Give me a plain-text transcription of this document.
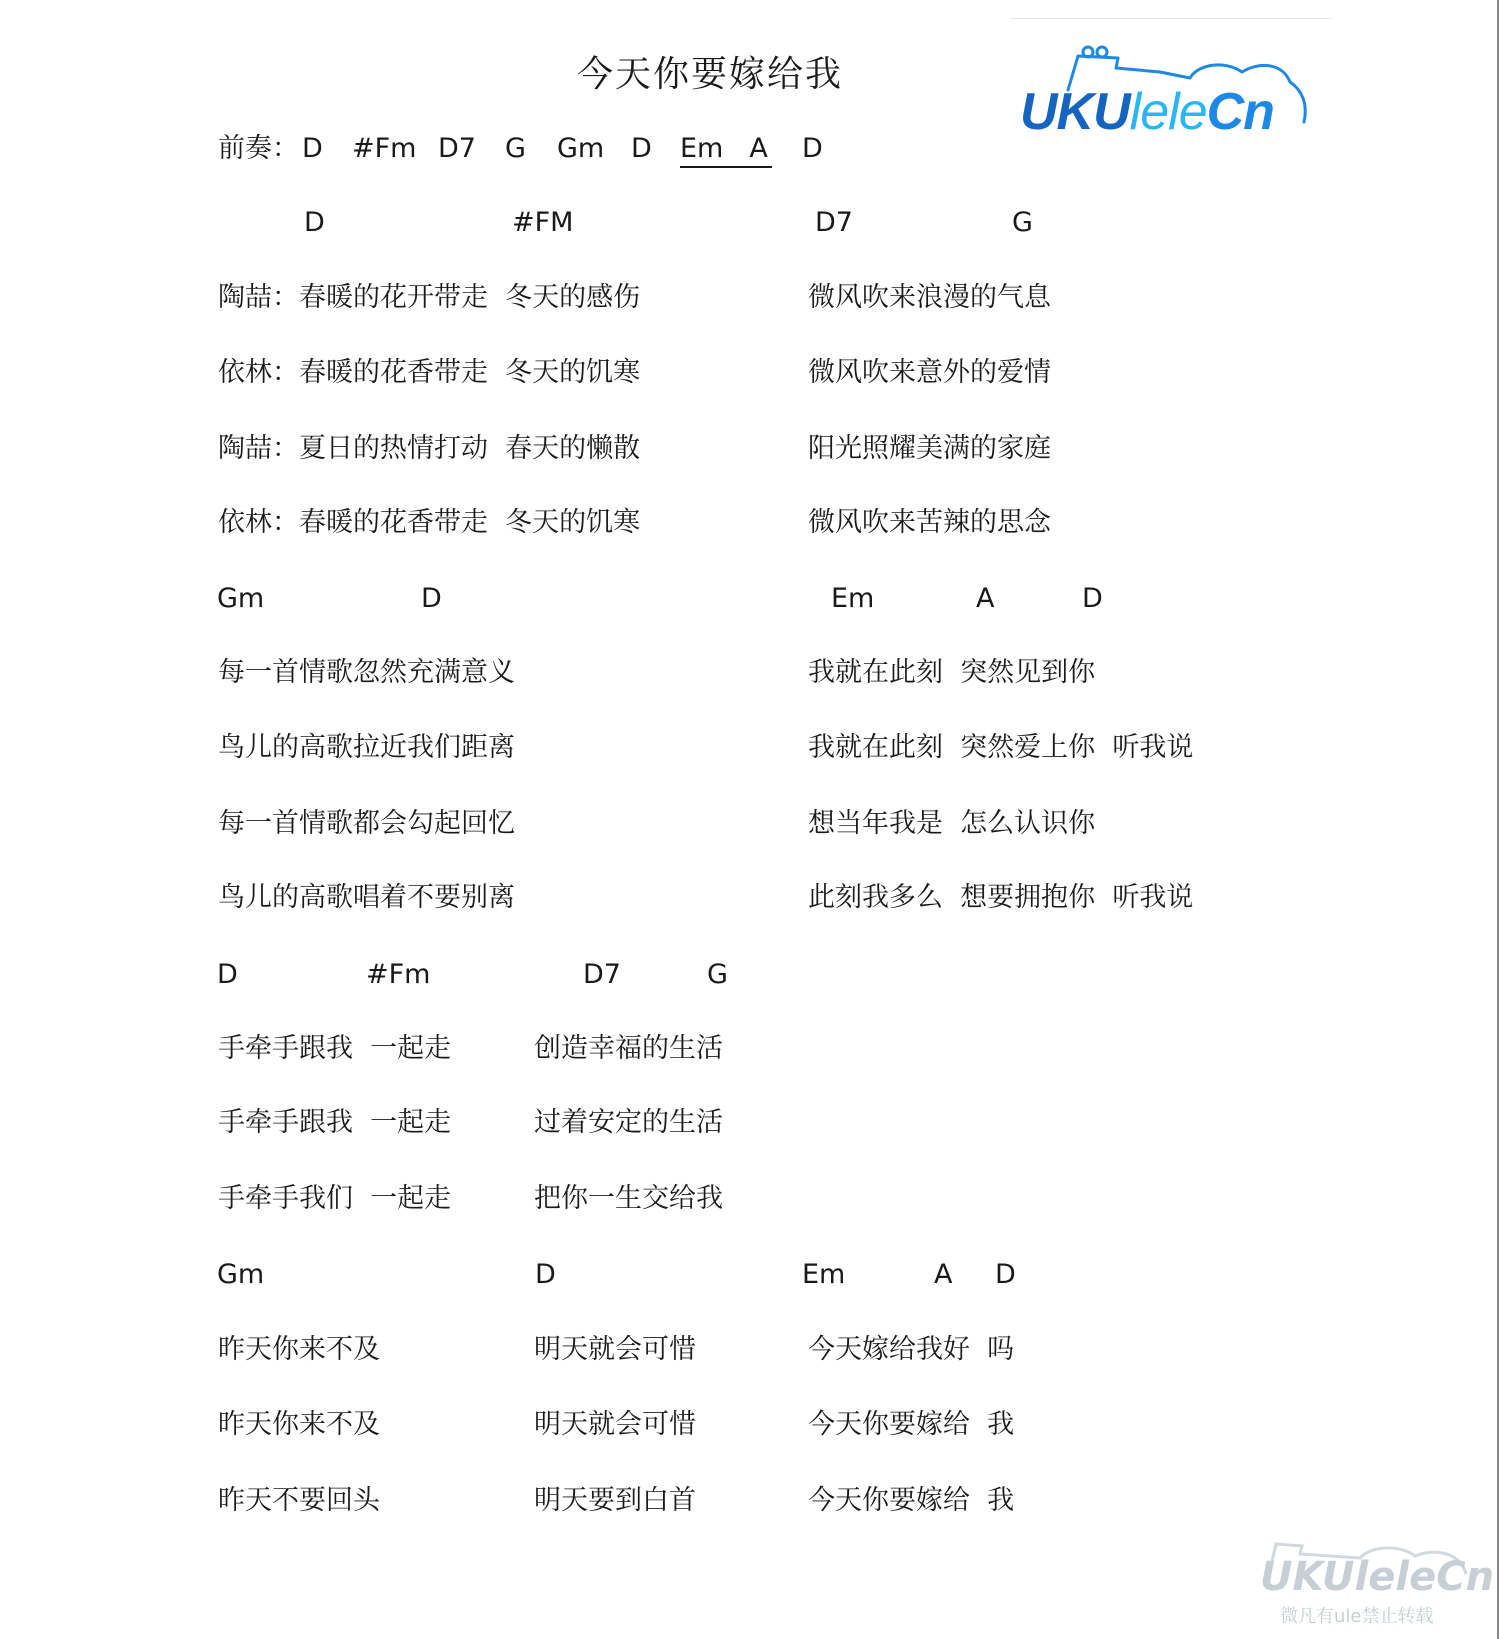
今天你要嫁给我
UKUleleCn
前奏： D #Fm D7 G Gm D Em A D
D	#FM	D7	G
陶喆：春暖的花开带走  冬天的感伤	微风吹来浪漫的气息
依林：春暖的花香带走  冬天的饥寒	微风吹来意外的爱情
陶喆：夏日的热情打动  春天的懒散	阳光照耀美满的家庭
依林：春暖的花香带走  冬天的饥寒	微风吹来苦辣的思念
Gm	D	Em	A	D
每一首情歌忽然充满意义	我就在此刻  突然见到你
鸟儿的高歌拉近我们距离	我就在此刻  突然爱上你  听我说
每一首情歌都会勾起回忆	想当年我是  怎么认识你
鸟儿的高歌唱着不要别离	此刻我多么  想要拥抱你  听我说
D	#Fm	D7	G
手牵手跟我  一起走	创造幸福的生活
手牵手跟我  一起走	过着安定的生活
手牵手我们  一起走	把你一生交给我
Gm	D	Em	A D
昨天你来不及	明天就会可惜	今天嫁给我好  吗
昨天你来不及	明天就会可惜	今天你要嫁给  我
昨天不要回头	明天要到白首	今天你要嫁给  我
UKUleleCn
微凡有ule禁止转载
